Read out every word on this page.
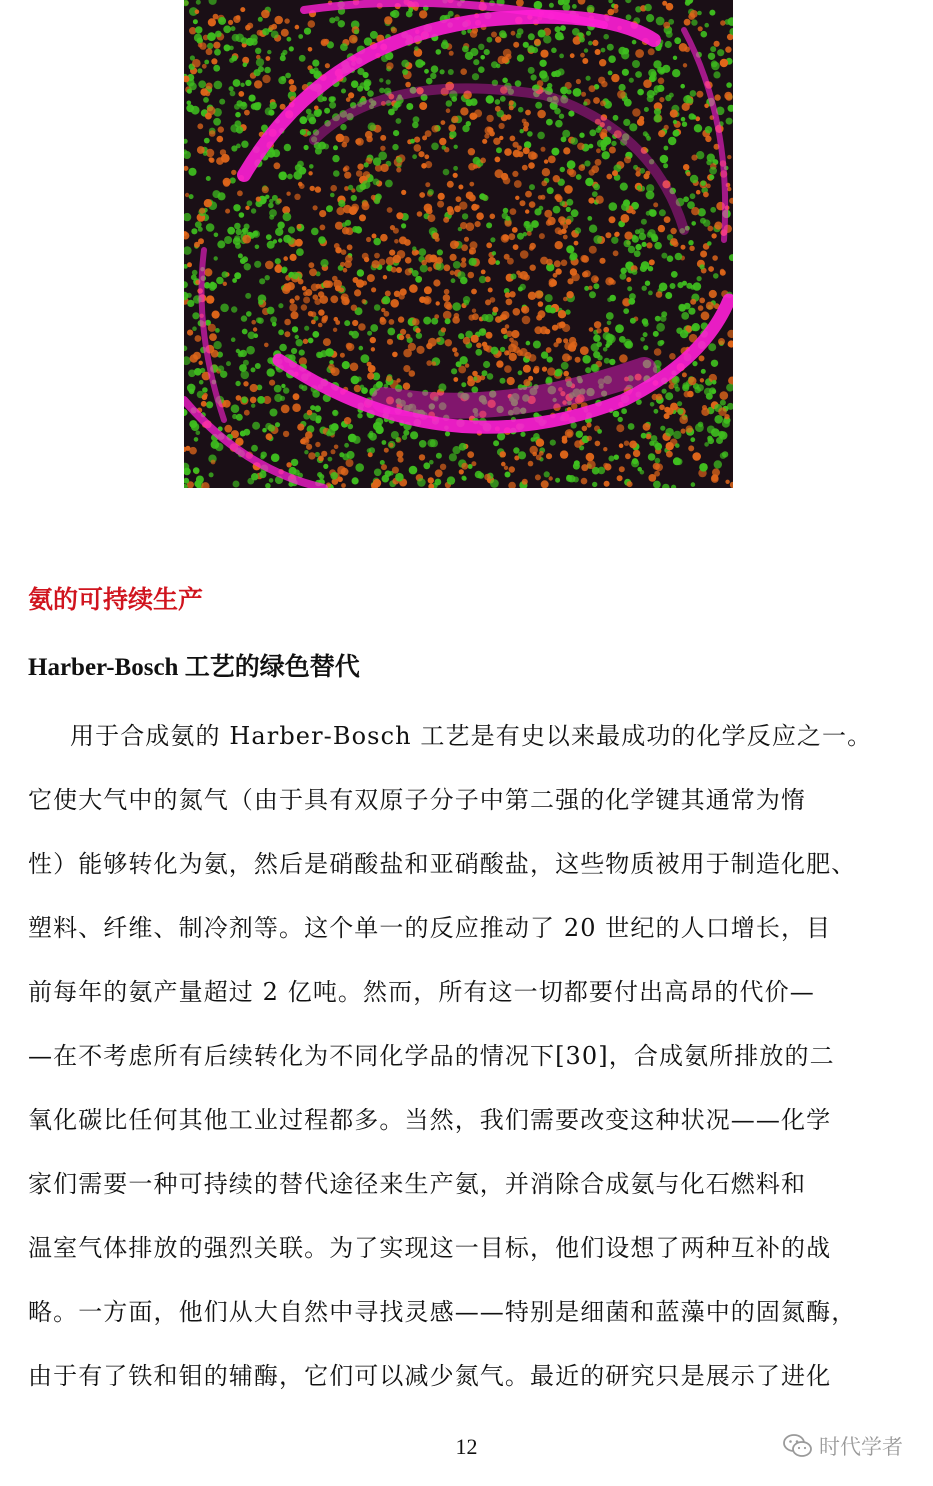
氨的可持续生产
Harber-Bosch 工艺的绿色替代
用于合成氨的 Harber-Bosch 工艺是有史以来最成功的化学反应之一。
它使大气中的氮气（由于具有双原子分子中第二强的化学键其通常为惰
性）能够转化为氨，然后是硝酸盐和亚硝酸盐，这些物质被用于制造化肥、
塑料、纤维、制冷剂等。这个单一的反应推动了 20 世纪的人口增长，目
前每年的氨产量超过 2 亿吨。然而，所有这一切都要付出高昂的代价—
—在不考虑所有后续转化为不同化学品的情况下[30]，合成氨所排放的二
氧化碳比任何其他工业过程都多。当然，我们需要改变这种状况——化学
家们需要一种可持续的替代途径来生产氨，并消除合成氨与化石燃料和
温室气体排放的强烈关联。为了实现这一目标，他们设想了两种互补的战
略。一方面，他们从大自然中寻找灵感——特别是细菌和蓝藻中的固氮酶，
由于有了铁和钼的辅酶，它们可以减少氮气。最近的研究只是展示了进化
12	时代学者
